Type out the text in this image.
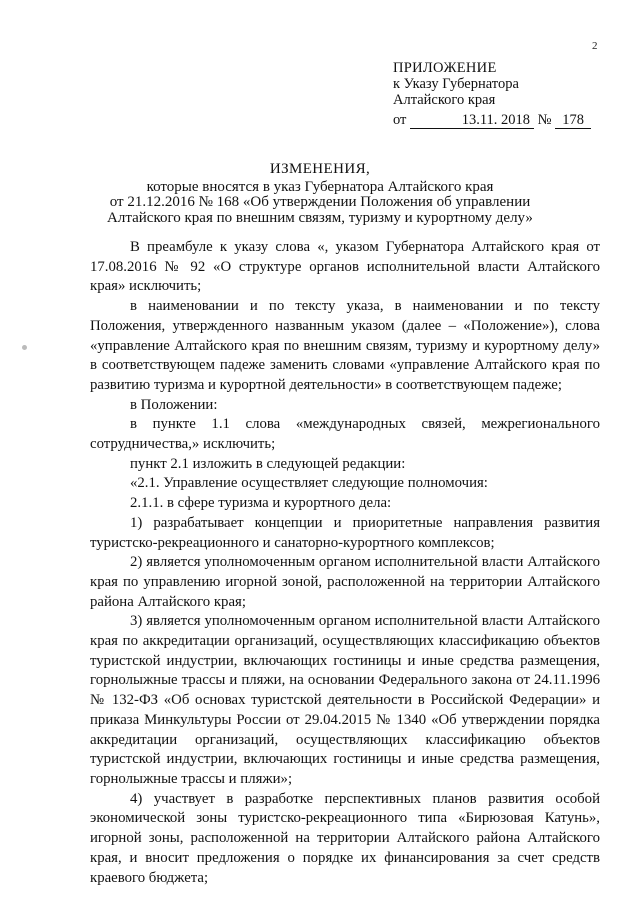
2
ПРИЛОЖЕНИЕ
к Указу Губернатора
Алтайского края
от	13.11. 2018 № 178
ИЗМЕНЕНИЯ,
которые вносятся в указ Губернатора Алтайского края
от 21.12.2016 № 168 «Об утверждении Положения об управлении
Алтайского края по внешним связям, туризму и курортному делу»

В преамбуле к указу слова «, указом Губернатора Алтайского края от 17.08.2016 № 92 «О структуре органов исполнительной власти Алтайского края» исключить;

в наименовании и по тексту указа, в наименовании и по тексту Положения, утвержденного названным указом (далее – «Положение»), слова «управление Алтайского края по внешним связям, туризму и курортному делу» в соответствующем падеже заменить словами «управление Алтайского края по развитию туризма и курортной деятельности» в соответствующем падеже;

в Положении:

в пункте 1.1 слова «международных связей, межрегионального сотрудничества,» исключить;

пункт 2.1 изложить в следующей редакции:

«2.1. Управление осуществляет следующие полномочия:

2.1.1. в сфере туризма и курортного дела:

1) разрабатывает концепции и приоритетные направления развития туристско-рекреационного и санаторно-курортного комплексов;

2) является уполномоченным органом исполнительной власти Алтайского края по управлению игорной зоной, расположенной на территории Алтайского района Алтайского края;

3) является уполномоченным органом исполнительной власти Алтайского края по аккредитации организаций, осуществляющих классификацию объектов туристской индустрии, включающих гостиницы и иные средства размещения, горнолыжные трассы и пляжи, на основании Федерального закона от 24.11.1996 № 132-ФЗ «Об основах туристской деятельности в Российской Федерации» и приказа Минкультуры России от 29.04.2015 № 1340 «Об утверждении порядка аккредитации организаций, осуществляющих классификацию объектов туристской индустрии, включающих гостиницы и иные средства размещения, горнолыжные трассы и пляжи»;

4) участвует в разработке перспективных планов развития особой экономической зоны туристско-рекреационного типа «Бирюзовая Катунь», игорной зоны, расположенной на территории Алтайского района Алтайского края, и вносит предложения о порядке их финансирования за счет средств краевого бюджета;
